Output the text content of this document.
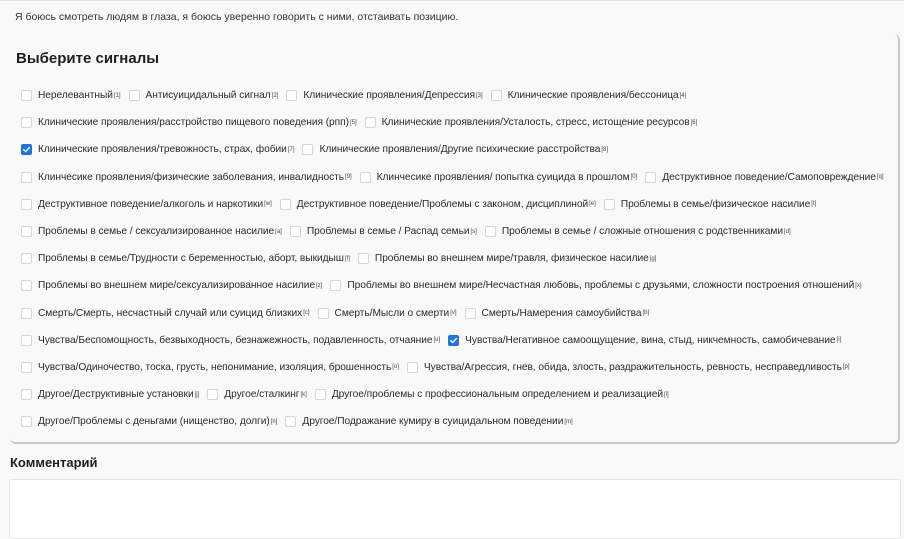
Я боюсь смотреть людям в глаза, я боюсь уверенно говорить с ними, отстаивать позицию.
Выберите сигналы
Нерелевантный [1] Антисуицидальный сигнал [2] Клинические проявления/Депрессия [3] Клинические проявления/бессоница [4]
Клинические проявления/расстройство пищевого поведения (рпп) [5] Клинические проявления/Усталость, стресс, истощение ресурсов [6]
Клинические проявления/тревожность, страх, фобии [7] Клинические проявления/Другие психические расстройства [8]
Клинчесике проявления/физические заболевания, инвалидность [9] Клинчесике проявления/ попытка суицида в прошлом [0] Деструктивное поведение/Самоповреждение [q]
Деструктивное поведение/алкоголь и наркотики [w] Деструктивное поведение/Проблемы с законом, дисциплиной [e] Проблемы в семье/физическое насилие [t]
Проблемы в семье / сексуализированное насилие [a] Проблемы в семье / Распад семьи [s] Проблемы в семье / сложные отношения с родственниками [d]
Проблемы в семье/Трудности с беременностью, аборт, выкидыш [f] Проблемы во внешнем мире/травля, физическое насилие [g]
Проблемы во внешнем мире/сексуализированное насилие [z] Проблемы во внешнем мире/Несчастная любовь, проблемы с друзьями, сложности построения отношений [x]
Смерть/Смерть, несчастный случай или суицид близких [c] Смерть/Мысли о смерти [v] Смерть/Намерения самоубийства [b]
Чувства/Беспомощность, безвыходность, безнажежность, подавленность, отчаяние [u] Чувства/Негативное самоощущение, вина, стыд, никчемность, самобичевание [i]
Чувства/Одиночество, тоска, грусть, непонимание, изоляция, брошенность [o] Чувства/Агрессия, гнев, обида, злость, раздражительность, ревность, несправедливость [p]
Другое/Деструктивные установки [j] Другое/сталкинг [k] Другое/проблемы с профессиональным определением и реализацией [l]
Другое/Проблемы с деньгами (нищенство, долги) [n] Другое/Подражание кумиру в суицидальном поведении [m]
Комментарий
